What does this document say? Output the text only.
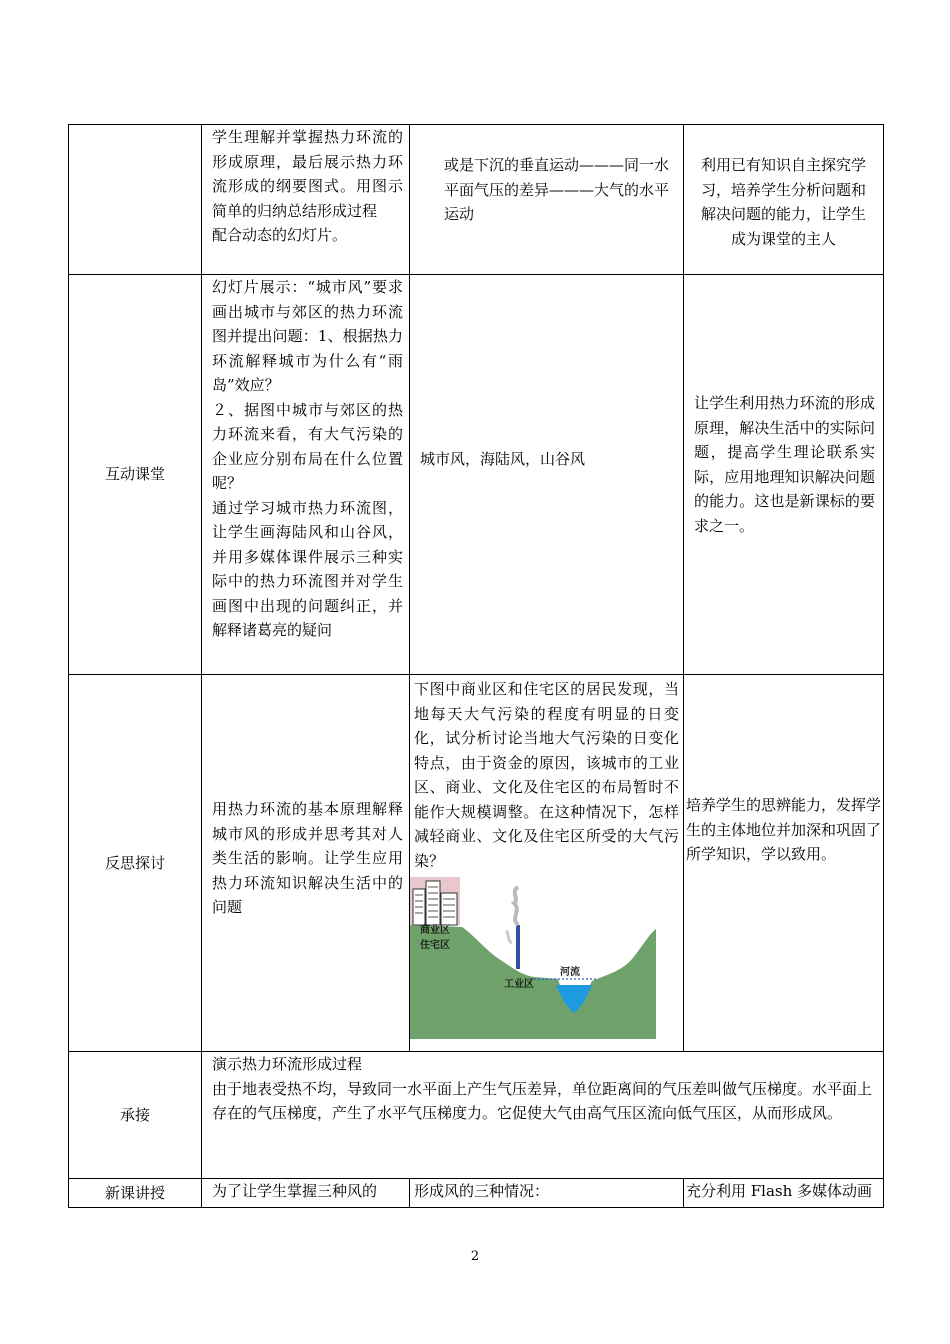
	学生理解并掌握热力环流的形成原理，最后展示热力环流形成的纲要图式。用图示简单的归纳总结形成过程
配合动态的幻灯片。	或是下沉的垂直运动———同一水平面气压的差异———大气的水平运动	利用已有知识自主探究学习，培养学生分析问题和解决问题的能力，让学生成为课堂的主人

互动课堂	幻灯片展示：“城市风”要求画出城市与郊区的热力环流图并提出问题：1、根据热力环流解释城市为什么有“雨岛”效应？
２、据图中城市与郊区的热力环流来看，有大气污染的企业应分别布局在什么位置呢？
通过学习城市热力环流图，让学生画海陆风和山谷风，并用多媒体课件展示三种实际中的热力环流图并对学生画图中出现的问题纠正，并解释诸葛亮的疑问	城市风，海陆风，山谷风	让学生利用热力环流的形成原理，解决生活中的实际问题，提高学生理论联系实际，应用地理知识解决问题的能力。这也是新课标的要求之一。

反思探讨	用热力环流的基本原理解释城市风的形成并思考其对人类生活的影响。让学生应用热力环流知识解决生活中的问题	下图中商业区和住宅区的居民发现，当地每天大气污染的程度有明显的日变化，试分析讨论当地大气污染的日变化特点，由于资金的原因，该城市的工业区、商业、文化及住宅区的布局暂时不能作大规模调整。在这种情况下，怎样减轻商业、文化及住宅区所受的大气污染？
商业区
住宅区
工业区
河流	培养学生的思辨能力，发挥学生的主体地位并加深和巩固了所学知识，学以致用。

承接	演示热力环流形成过程
由于地表受热不均，导致同一水平面上产生气压差异，单位距离间的气压差叫做气压梯度。水平面上存在的气压梯度，产生了水平气压梯度力。它促使大气由高气压区流向低气压区，从而形成风。		

新课讲授	为了让学生掌握三种风的	形成风的三种情况：	充分利用 Flash 多媒体动画
2
